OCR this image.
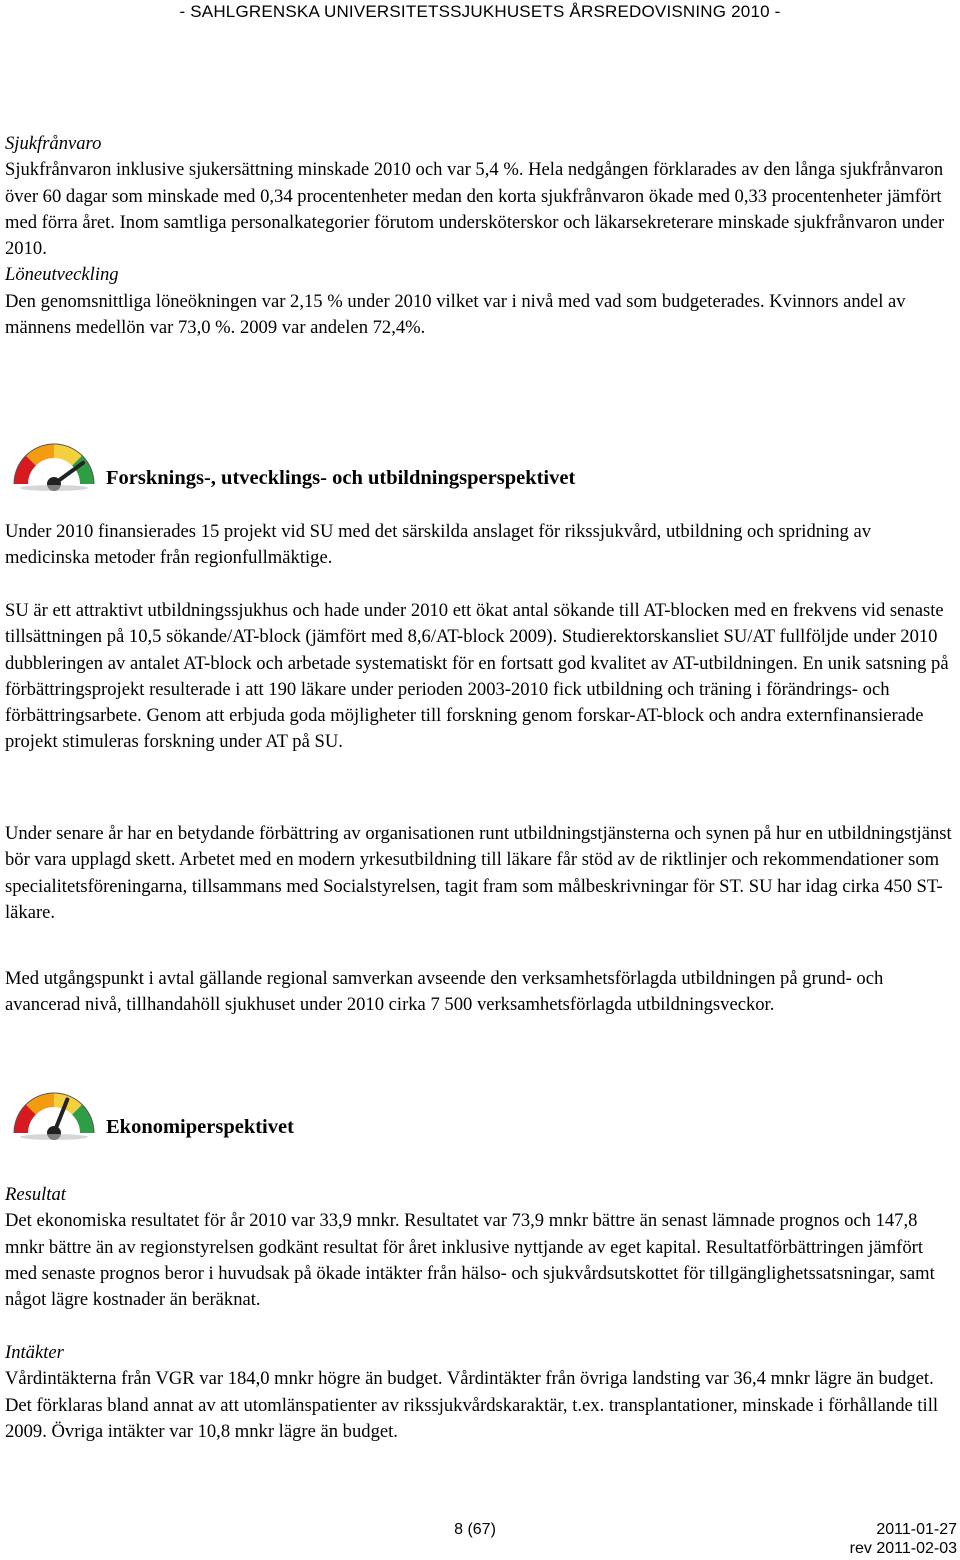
- SAHLGRENSKA UNIVERSITETSSJUKHUSETS ÅRSREDOVISNING 2010 -

Sjukfrånvaro

Sjukfrånvaron inklusive sjukersättning minskade 2010 och var 5,4 %. Hela nedgången förklarades av den långa sjukfrånvaron över 60 dagar som minskade med 0,34 procentenheter medan den korta sjukfrånvaron ökade med 0,33 procentenheter jämfört med förra året. Inom samtliga personalkategorier förutom undersköterskor och läkarsekreterare minskade sjukfrånvaron under 2010.

Löneutveckling

Den genomsnittliga löneökningen var 2,15 % under 2010 vilket var i nivå med vad som budgeterades. Kvinnors andel av männens medellön var 73,0 %. 2009 var andelen 72,4%.

Forsknings-, utvecklings- och utbildningsperspektivet
Under 2010 finansierades 15 projekt vid SU med det särskilda anslaget för rikssjukvård, utbildning och spridning av medicinska metoder från regionfullmäktige.
SU är ett attraktivt utbildningssjukhus och hade under 2010 ett ökat antal sökande till AT-blocken med en frekvens vid senaste tillsättningen på 10,5 sökande/AT-block (jämfört med 8,6/AT-block 2009). Studierektorskansliet SU/AT fullföljde under 2010 dubbleringen av antalet AT-block och arbetade systematiskt för en fortsatt god kvalitet av AT-utbildningen. En unik satsning på förbättringsprojekt resulterade i att 190 läkare under perioden 2003-2010 fick utbildning och träning i förändrings- och förbättringsarbete. Genom att erbjuda goda möjligheter till forskning genom forskar-AT-block och andra externfinansierade projekt stimuleras forskning under AT på SU.
Under senare år har en betydande förbättring av organisationen runt utbildningstjänsterna och synen på hur en utbildningstjänst bör vara upplagd skett. Arbetet med en modern yrkesutbildning till läkare får stöd av de riktlinjer och rekommendationer som specialitetsföreningarna, tillsammans med Socialstyrelsen, tagit fram som målbeskrivningar för ST. SU har idag cirka 450 ST-läkare.
Med utgångspunkt i avtal gällande regional samverkan avseende den verksamhetsförlagda utbildningen på grund- och avancerad nivå, tillhandahöll sjukhuset under 2010 cirka 7 500 verksamhetsförlagda utbildningsveckor.
Ekonomiperspektivet

Resultat

Det ekonomiska resultatet för år 2010 var 33,9 mnkr. Resultatet var 73,9 mnkr bättre än senast lämnade prognos och 147,8 mnkr bättre än av regionstyrelsen godkänt resultat för året inklusive nyttjande av eget kapital. Resultatförbättringen jämfört med senaste prognos beror i huvudsak på ökade intäkter från hälso- och sjukvårdsutskottet för tillgänglighetssatsningar, samt något lägre kostnader än beräknat.

Intäkter

Vårdintäkterna från VGR var 184,0 mnkr högre än budget. Vårdintäkter från övriga landsting var 36,4 mnkr lägre än budget. Det förklaras bland annat av att utomlänspatienter av rikssjukvårdskaraktär, t.ex. transplantationer, minskade i förhållande till 2009. Övriga intäkter var 10,8 mnkr lägre än budget.

8 (67)	2011-01-27
rev 2011-02-03
